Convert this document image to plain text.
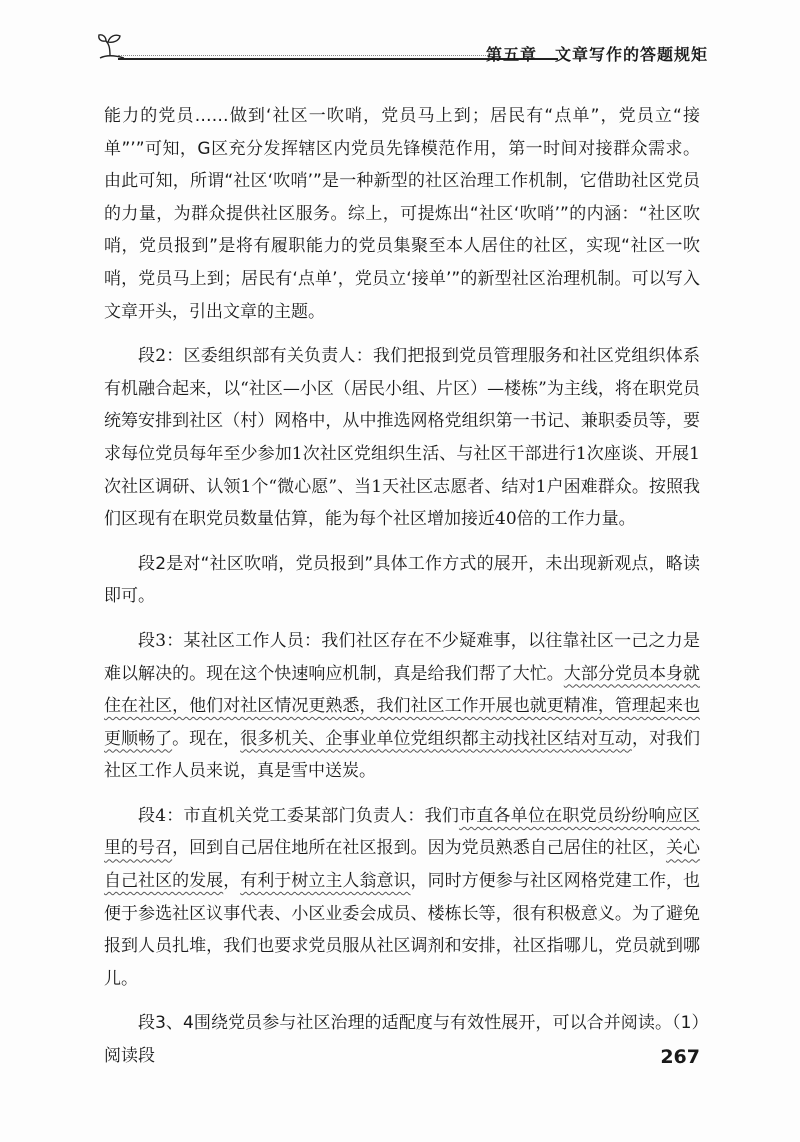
第五章 文章写作的答题规矩

能力的党员……做到‘社区一吹哨，党员马上到；居民有“点单”，党员立“接单”’”可知，G区充分发挥辖区内党员先锋模范作用，第一时间对接群众需求。由此可知，所谓“社区‘吹哨’”是一种新型的社区治理工作机制，它借助社区党员的力量，为群众提供社区服务。综上，可提炼出“社区‘吹哨’”的内涵：“社区吹哨，党员报到”是将有履职能力的党员集聚至本人居住的社区，实现“社区一吹哨，党员马上到；居民有‘点单’，党员立‘接单’”的新型社区治理机制。可以写入文章开头，引出文章的主题。

段2：区委组织部有关负责人：我们把报到党员管理服务和社区党组织体系有机融合起来，以“社区—小区（居民小组、片区）—楼栋”为主线，将在职党员统筹安排到社区（村）网格中，从中推选网格党组织第一书记、兼职委员等，要求每位党员每年至少参加1次社区党组织生活、与社区干部进行1次座谈、开展1次社区调研、认领1个“微心愿”、当1天社区志愿者、结对1户困难群众。按照我们区现有在职党员数量估算，能为每个社区增加接近40倍的工作力量。

段2是对“社区吹哨，党员报到”具体工作方式的展开，未出现新观点，略读即可。

段3：某社区工作人员：我们社区存在不少疑难事，以往靠社区一己之力是难以解决的。现在这个快速响应机制，真是给我们帮了大忙。大部分党员本身就住在社区，他们对社区情况更熟悉，我们社区工作开展也就更精准，管理起来也更顺畅了。现在，很多机关、企事业单位党组织都主动找社区结对互动，对我们社区工作人员来说，真是雪中送炭。

段4：市直机关党工委某部门负责人：我们市直各单位在职党员纷纷响应区里的号召，回到自己居住地所在社区报到。因为党员熟悉自己居住的社区，关心自己社区的发展，有利于树立主人翁意识，同时方便参与社区网格党建工作，也便于参选社区议事代表、小区业委会成员、楼栋长等，很有积极意义。为了避免报到人员扎堆，我们也要求党员服从社区调剂和安排，社区指哪儿，党员就到哪儿。

段3、4围绕党员参与社区治理的适配度与有效性展开，可以合并阅读。（1）阅读段	267
